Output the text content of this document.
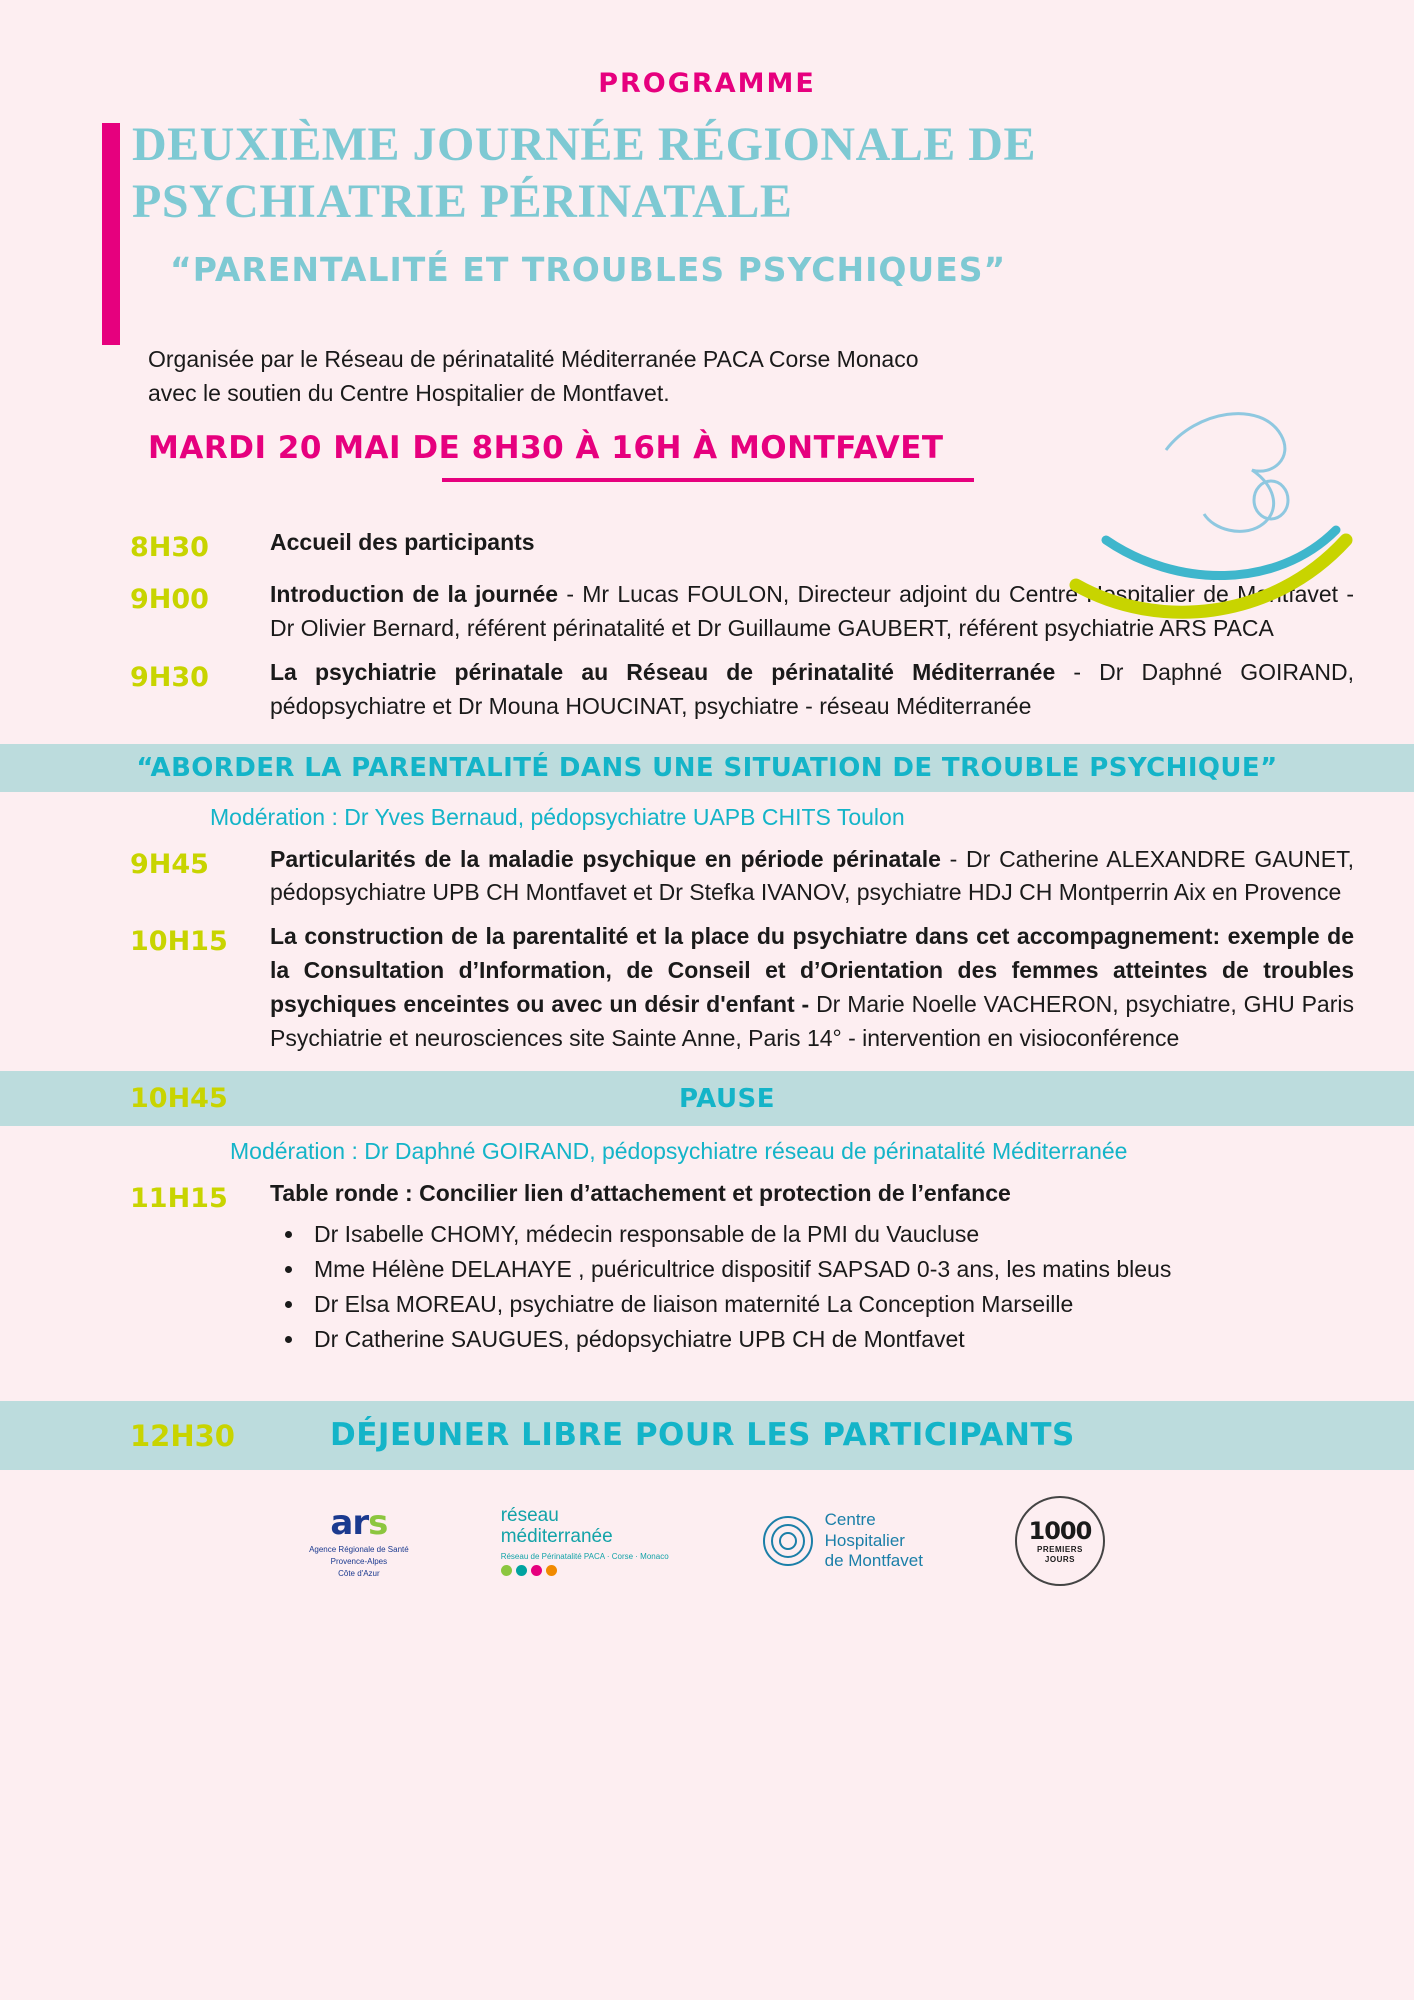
PROGRAMME
DEUXIÈME JOURNÉE RÉGIONALE DE
PSYCHIATRIE PÉRINATALE
“PARENTALITÉ ET TROUBLES PSYCHIQUES”
Organisée par le Réseau de périnatalité Méditerranée PACA Corse Monaco avec le soutien du Centre Hospitalier de Montfavet.
MARDI 20 MAI DE 8H30 À 16H À MONTFAVET
8H30	Accueil des participants
9H00	Introduction de la journée - Mr Lucas FOULON, Directeur adjoint du Centre Hospitalier de Montfavet - Dr Olivier Bernard, référent périnatalité et Dr Guillaume GAUBERT, référent psychiatrie ARS PACA
9H30	La psychiatrie périnatale au Réseau de périnatalité Méditerranée - Dr Daphné GOIRAND, pédopsychiatre et Dr Mouna HOUCINAT, psychiatre - réseau Méditerranée
“ABORDER LA PARENTALITÉ DANS UNE SITUATION DE TROUBLE PSYCHIQUE”
Modération : Dr Yves Bernaud, pédopsychiatre UAPB CHITS Toulon
9H45	Particularités de la maladie psychique en période périnatale - Dr Catherine ALEXANDRE GAUNET, pédopsychiatre UPB CH Montfavet et Dr Stefka IVANOV, psychiatre HDJ CH Montperrin Aix en Provence
10H15	La construction de la parentalité et la place du psychiatre dans cet accompagnement: exemple de la Consultation d’Information, de Conseil et d’Orientation des femmes atteintes de troubles psychiques enceintes ou avec un désir d'enfant - Dr Marie Noelle VACHERON, psychiatre, GHU Paris Psychiatrie et neurosciences site Sainte Anne, Paris 14° - intervention en visioconférence
10H45	PAUSE
Modération : Dr Daphné GOIRAND, pédopsychiatre réseau de périnatalité Méditerranée
11H15	Table ronde : Concilier lien d’attachement et protection de l’enfance
• Dr Isabelle CHOMY, médecin responsable de la PMI du Vaucluse
• Mme Hélène DELAHAYE , puéricultrice dispositif SAPSAD 0-3 ans, les matins bleus
• Dr Elsa MOREAU, psychiatre de liaison maternité La Conception Marseille
• Dr Catherine SAUGUES, pédopsychiatre UPB CH de Montfavet
12H30	DÉJEUNER LIBRE POUR LES PARTICIPANTS
ars
Agence Régionale de Santé
Provence-Alpes
Côte d'Azur
réseau
méditerranée
Réseau de Périnatalité PACA · Corse · Monaco
Centre
Hospitalier
de Montfavet
1000
PREMIERS
JOURS
